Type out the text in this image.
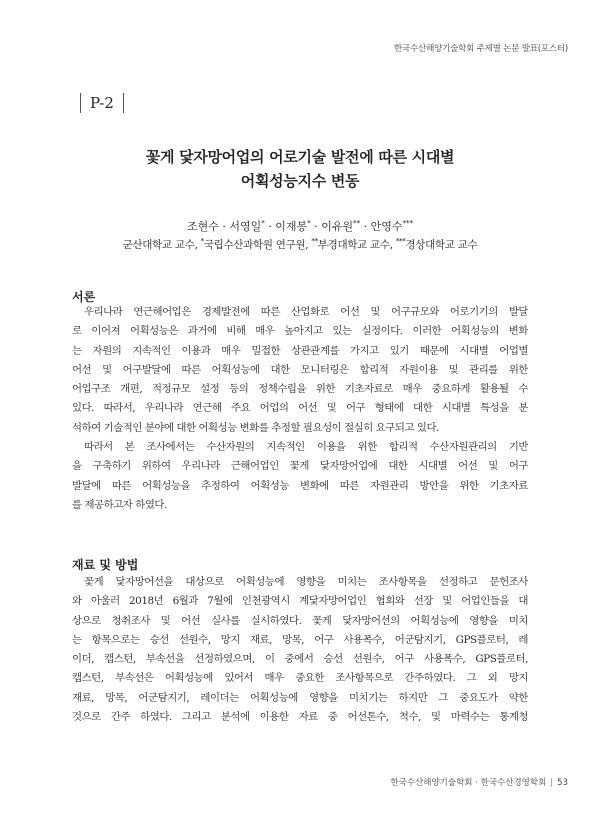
한국수산해양기술학회 주제별 논문 발표(포스터)
P-2
꽃게 닻자망어업의 어로기술 발전에 따른 시대별
어획성능지수 변동
조현수 · 서영일* · 이재봉* · 이유원** · 안영수***
군산대학교 교수, *국립수산과학원 연구원, **부경대학교 교수, ***경상대학교 교수
서론
우리나라 연근해어업은 경제발전에 따른 산업화로 어선 및 어구규모와 어로기기의 발달
로 이어져 어획성능은 과거에 비해 매우 높아지고 있는 실정이다. 이러한 어획성능의 변화
는 자원의 지속적인 이용과 매우 밀접한 상관관계를 가지고 있기 때문에 시대별 어업별
어선 및 어구발달에 따른 어획성능에 대한 모니터링은 합리적 자원이용 및 관리를 위한
어업구조 개편, 적정규모 설정 등의 정책수립을 위한 기초자료로 매우 중요하게 활용될 수
있다. 따라서, 우리나라 연근해 주요 어업의 어선 및 어구 형태에 대한 시대별 특성을 분
석하여 기술적인 분야에 대한 어획성능 변화를 추정할 필요성이 절실히 요구되고 있다.
따라서 본 조사에서는 수산자원의 지속적인 이용을 위한 합리적 수산자원관리의 기반
을 구축하기 위하여 우리나라 근해어업인 꽃게 닻자망어업에 대한 시대별 어선 및 어구
발달에 따른 어획성능을 추정하여 어획성능 변화에 따른 자원관리 방안을 위한 기초자료
를 제공하고자 하였다.
재료 및 방법
꽃게 닻자망어선을 대상으로 어획성능에 영향을 미치는 조사항목을 선정하고 문헌조사
와 아울러 2018년 6월과 7월에 인천광역시 계닻자망어업인 협회와 선장 및 어업인들을 대
상으로 청취조사 및 어선 실사를 실시하였다. 꽃게 닻자망어선의 어획성능에 영향을 미치
는 항목으로는 승선 선원수, 망지 재료, 망목, 어구 사용폭수, 어군탐지기, GPS플로터, 레
이더, 캡스턴, 부속선을 선정하였으며, 이 중에서 승선 선원수, 어구 사용폭수, GPS플로터,
캡스턴, 부속선은 어획성능에 있어서 매우 중요한 조사항목으로 간주하였다. 그 외 망지
재료, 망목, 어군탐지기, 레이더는 어획성능에 영향을 미치기는 하지만 그 중요도가 약한
것으로 간주 하였다. 그리고 분석에 이용한 자료 중 어선톤수, 척수, 및 마력수는 통계청
한국수산해양기술학회 · 한국수산경영학회 | 53
